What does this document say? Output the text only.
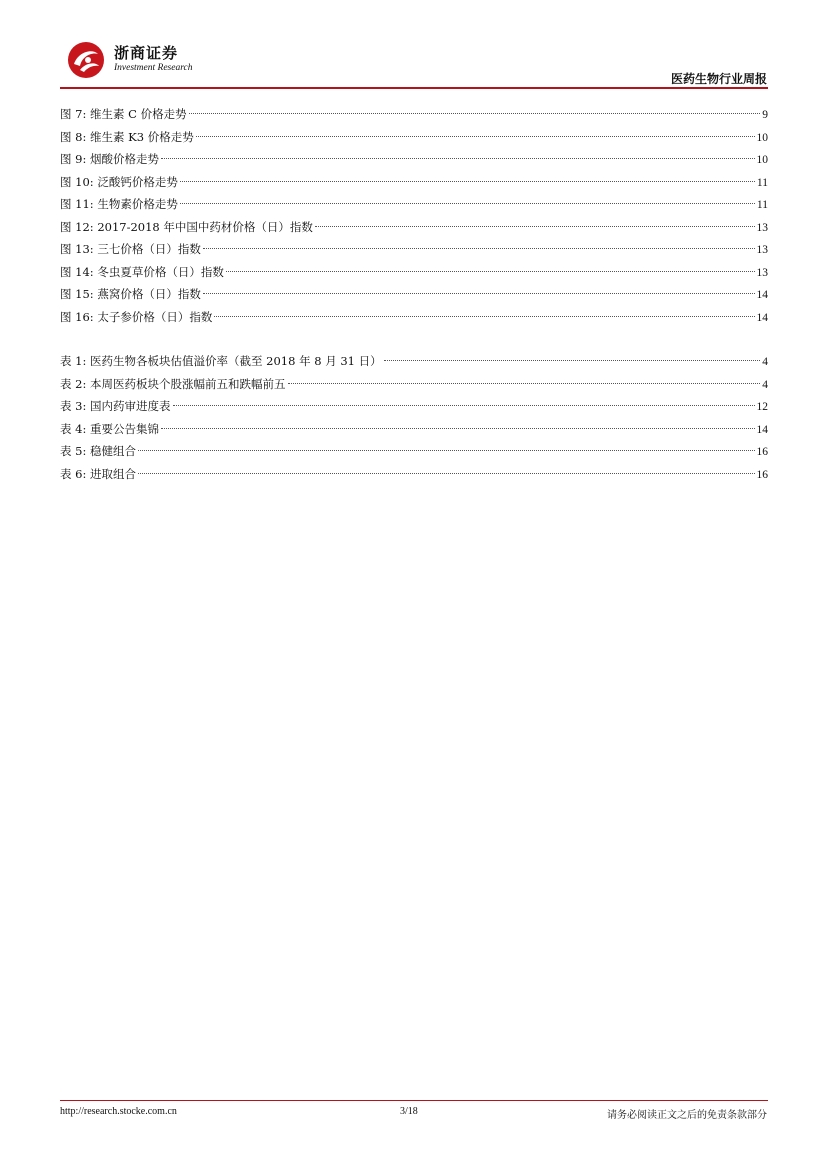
浙商证券
Investment Research
医药生物行业周报
图 7: 维生素 C 价格走势	9
图 8: 维生素 K3 价格走势	10
图 9: 烟酸价格走势	10
图 10: 泛酸钙价格走势	11
图 11: 生物素价格走势	11
图 12: 2017-2018 年中国中药材价格（日）指数	13
图 13: 三七价格（日）指数	13
图 14: 冬虫夏草价格（日）指数	13
图 15: 燕窝价格（日）指数	14
图 16: 太子参价格（日）指数	14
表 1: 医药生物各板块估值溢价率（截至 2018 年 8 月 31 日）	4
表 2: 本周医药板块个股涨幅前五和跌幅前五	4
表 3: 国内药审进度表	12
表 4: 重要公告集锦	14
表 5: 稳健组合	16
表 6: 进取组合	16
http://research.stocke.com.cn	3/18	请务必阅读正文之后的免责条款部分
